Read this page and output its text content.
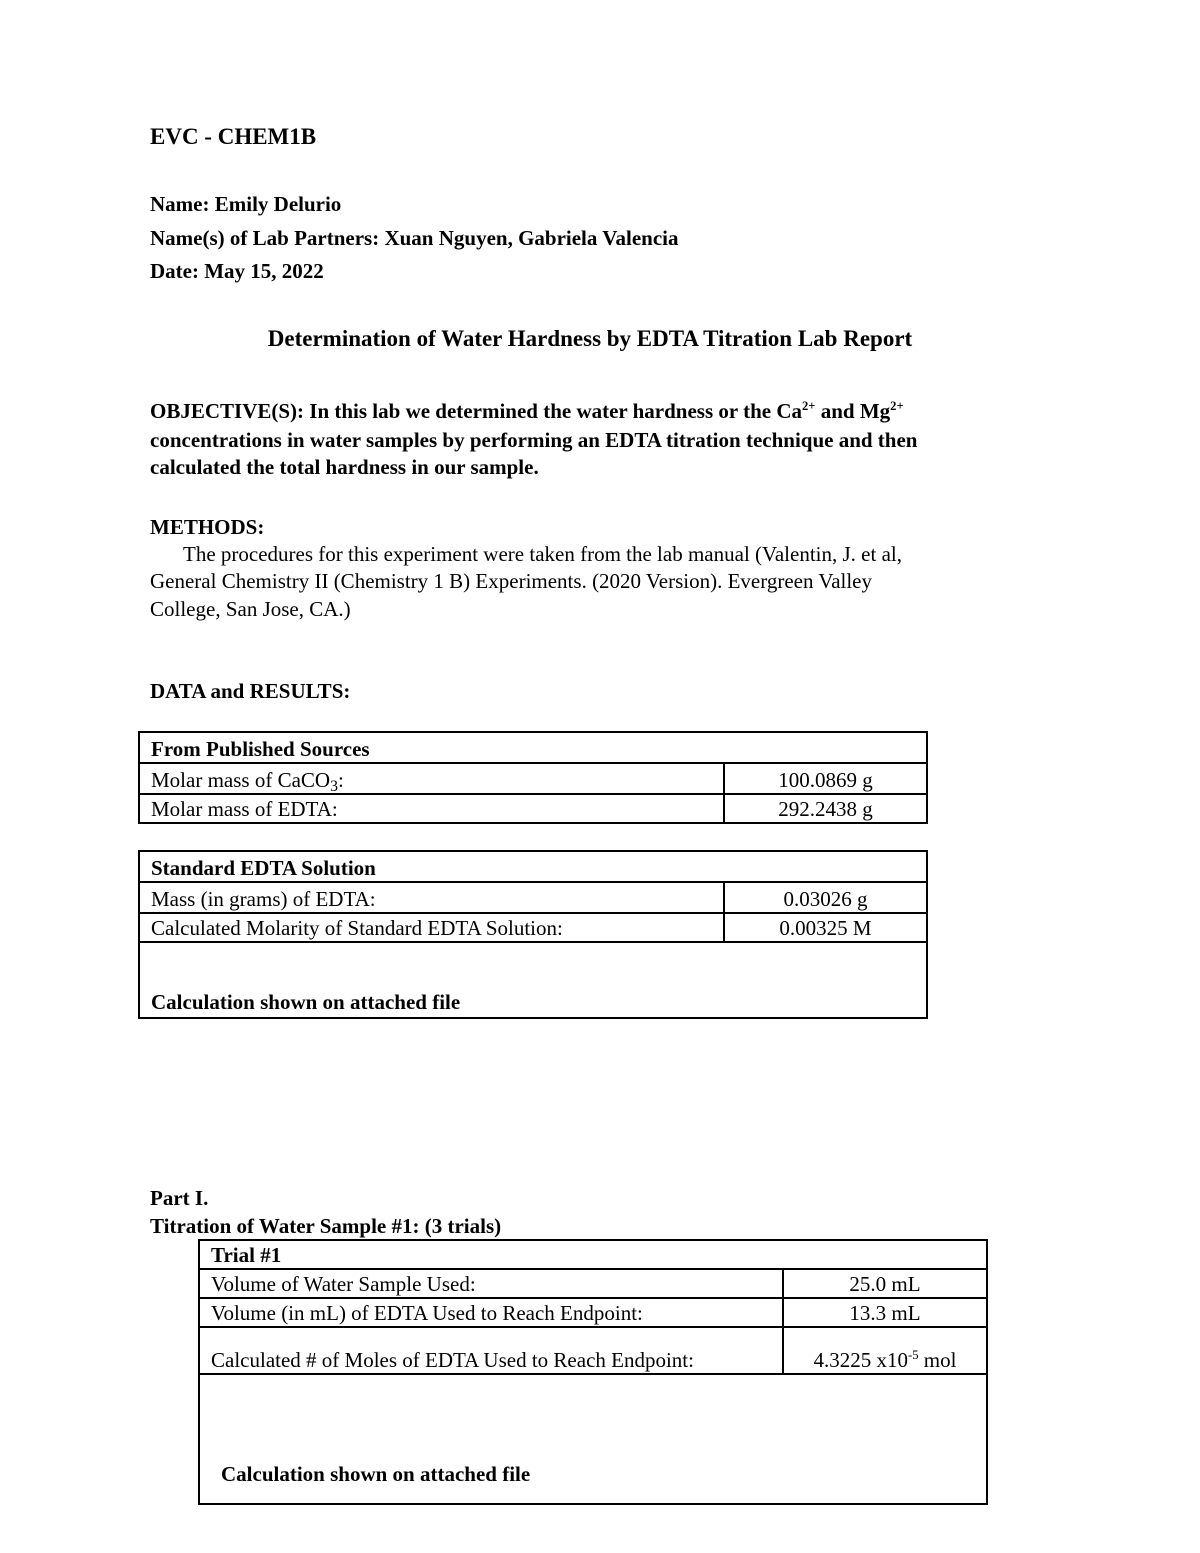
EVC - CHEM1B
Name: Emily Delurio
Name(s) of Lab Partners: Xuan Nguyen, Gabriela Valencia
Date: May 15, 2022
Determination of Water Hardness by EDTA Titration Lab Report
OBJECTIVE(S): In this lab we determined the water hardness or the $Ca^{2+}$ and $Mg^{2+}$
concentrations in water samples by performing an EDTA titration technique and then
calculated the total hardness in our sample.
METHODS:
The procedures for this experiment were taken from the lab manual (Valentin, J. et al,
General Chemistry II (Chemistry 1 B) Experiments. (2020 Version). Evergreen Valley
College, San Jose, CA.)
DATA and RESULTS:
From Published Sources	
Molar mass of CaCO$_3$:	100.0869 g
Molar mass of EDTA:	292.2438 g
Standard EDTA Solution	
Mass (in grams) of EDTA:	0.03026 g
Calculated Molarity of Standard EDTA Solution:	0.00325 M
Calculation shown on attached file	
Part I.
Titration of Water Sample #1: (3 trials)
Trial #1	
Volume of Water Sample Used:	25.0 mL
Volume (in mL) of EDTA Used to Reach Endpoint:	13.3 mL
Calculated # of Moles of EDTA Used to Reach Endpoint:	4.3225 $x10^{-5}$ mol
Calculation shown on attached file	
